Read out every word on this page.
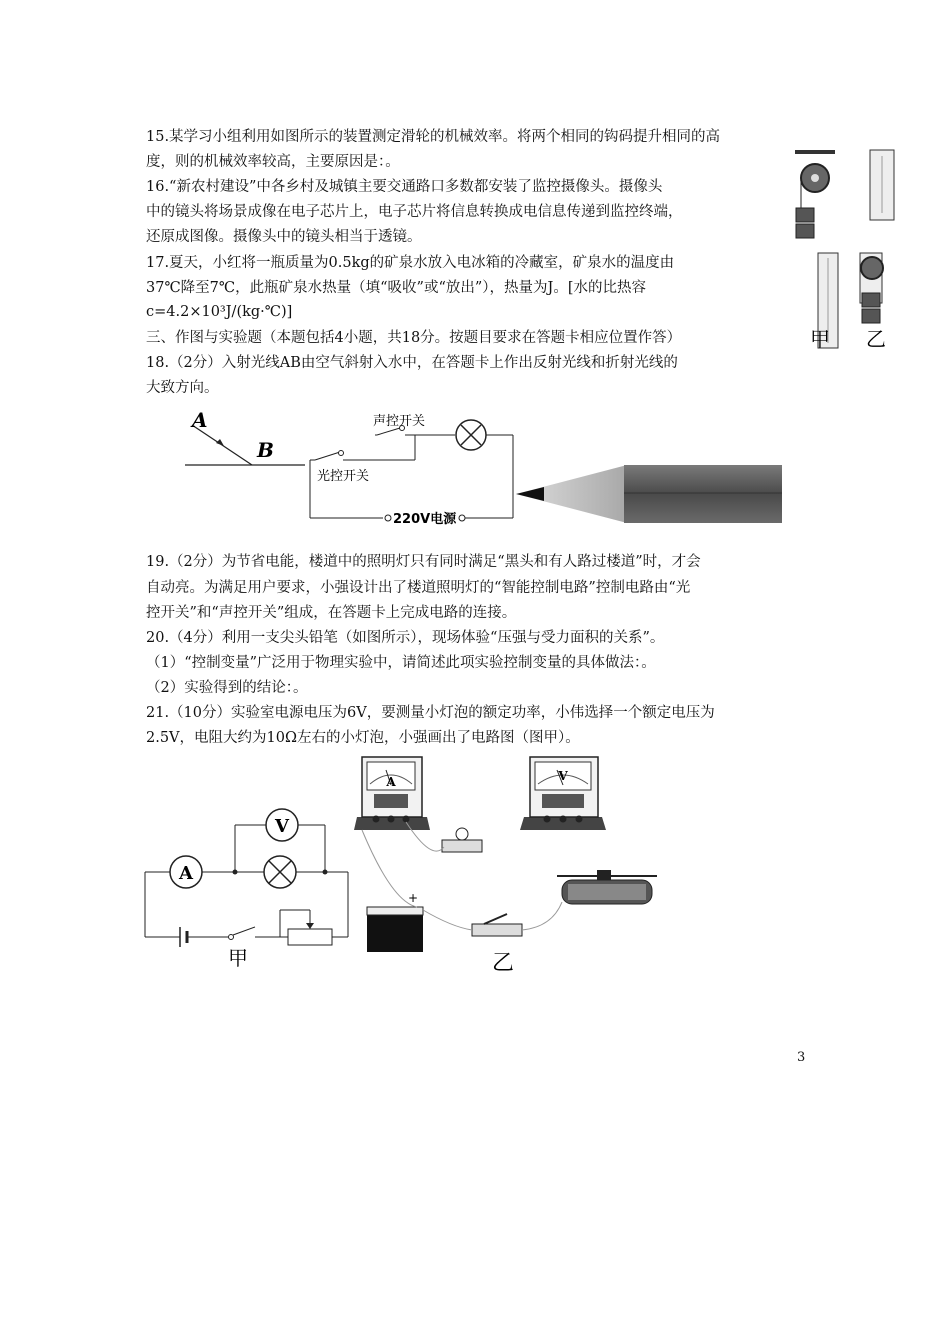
15.某学习小组利用如图所示的装置测定滑轮的机械效率。将两个相同的钩码提升相同的高
度，则的机械效率较高，主要原因是：。
16.“新农村建设”中各乡村及城镇主要交通路口多数都安装了监控摄像头。摄像头
中的镜头将场景成像在电子芯片上，电子芯片将信息转换成电信息传递到监控终端，
还原成图像。摄像头中的镜头相当于透镜。
17.夏天，小红将一瓶质量为0.5kg的矿泉水放入电冰箱的冷藏室，矿泉水的温度由
37℃降至7℃，此瓶矿泉水热量（填“吸收”或“放出”），热量为J。[水的比热容
c=4.2×10³J/(kg·℃)]
三、作图与实验题（本题包括4小题，共18分。按题目要求在答题卡相应位置作答）
18.（2分）入射光线AB由空气斜射入水中，在答题卡上作出反射光线和折射光线的
大致方向。
19.（2分）为节省电能，楼道中的照明灯只有同时满足“黑头和有人路过楼道”时，才会
自动亮。为满足用户要求，小强设计出了楼道照明灯的“智能控制电路”控制电路由“光
控开关”和“声控开关”组成，在答题卡上完成电路的连接。
20.（4分）利用一支尖头铅笔（如图所示），现场体验“压强与受力面积的关系”。
（1）“控制变量”广泛用于物理实验中，请简述此项实验控制变量的具体做法：。
（2）实验得到的结论：。
21.（10分）实验室电源电压为6V，要测量小灯泡的额定功率，小伟选择一个额定电压为
2.5V，电阻大约为10Ω左右的小灯泡，小强画出了电路图（图甲）。
甲 乙
A
B
声控开关
光控开关
220V电源
A
V
甲
A	V
+
乙
3
